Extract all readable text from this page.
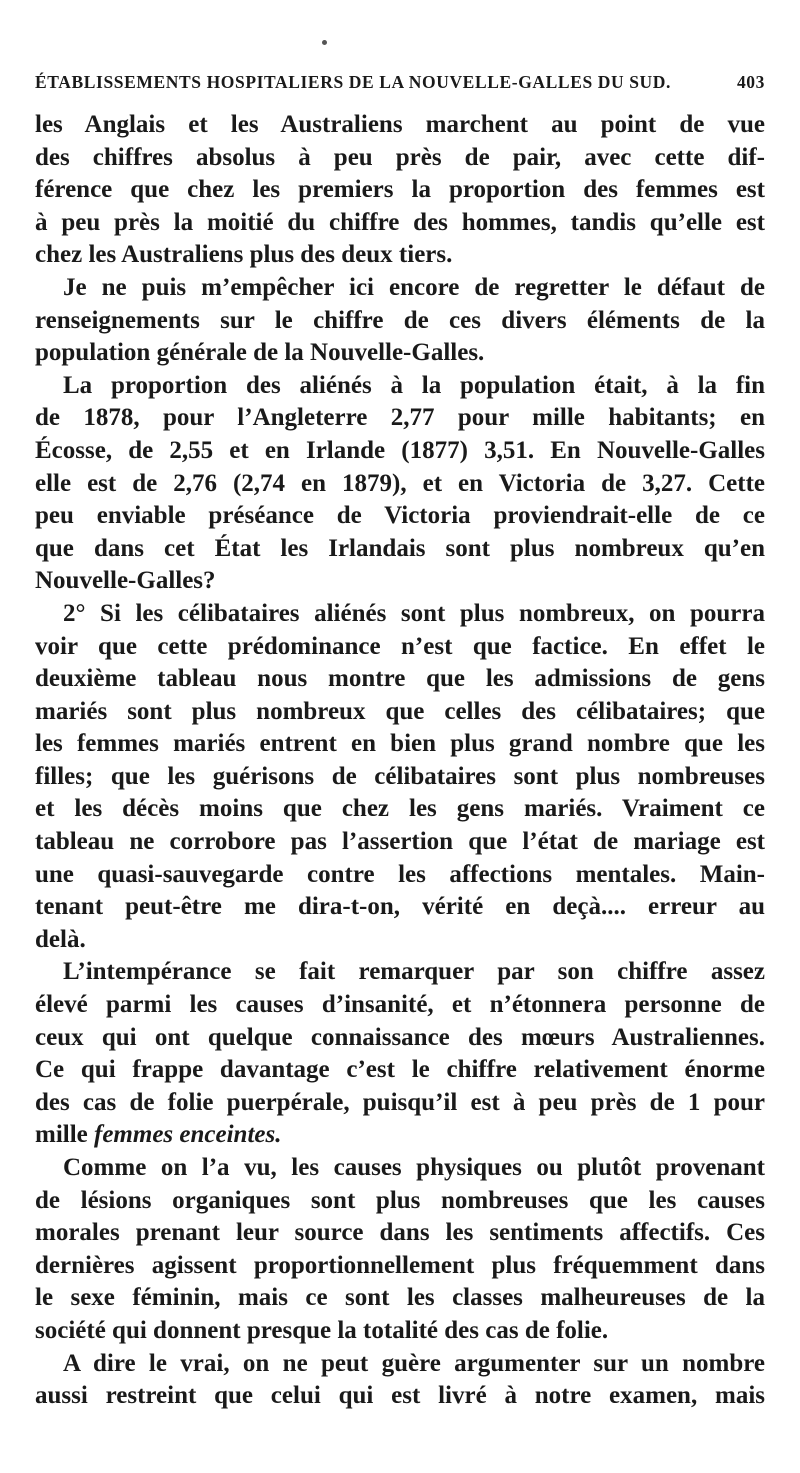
ÉTABLISSEMENTS HOSPITALIERS DE LA NOUVELLE-GALLES DU SUD.	403
les Anglais et les Australiens marchent au point de vue
des chiffres absolus à peu près de pair, avec cette dif-
férence que chez les premiers la proportion des femmes est
à peu près la moitié du chiffre des hommes, tandis qu’elle est
chez les Australiens plus des deux tiers.
Je ne puis m’empêcher ici encore de regretter le défaut de
renseignements sur le chiffre de ces divers éléments de la
population générale de la Nouvelle-Galles.
La proportion des aliénés à la population était, à la fin
de 1878, pour l’Angleterre 2,77 pour mille habitants; en
Écosse, de 2,55 et en Irlande (1877) 3,51. En Nouvelle-Galles
elle est de 2,76 (2,74 en 1879), et en Victoria de 3,27. Cette
peu enviable préséance de Victoria proviendrait-elle de ce
que dans cet État les Irlandais sont plus nombreux qu’en
Nouvelle-Galles?
2° Si les célibataires aliénés sont plus nombreux, on pourra
voir que cette prédominance n’est que factice. En effet le
deuxième tableau nous montre que les admissions de gens
mariés sont plus nombreux que celles des célibataires; que
les femmes mariés entrent en bien plus grand nombre que les
filles; que les guérisons de célibataires sont plus nombreuses
et les décès moins que chez les gens mariés. Vraiment ce
tableau ne corrobore pas l’assertion que l’état de mariage est
une quasi-sauvegarde contre les affections mentales. Main-
tenant peut-être me dira-t-on, vérité en deçà.... erreur au
delà.
L’intempérance se fait remarquer par son chiffre assez
élevé parmi les causes d’insanité, et n’étonnera personne de
ceux qui ont quelque connaissance des mœurs Australiennes.
Ce qui frappe davantage c’est le chiffre relativement énorme
des cas de folie puerpérale, puisqu’il est à peu près de 1 pour
mille femmes enceintes.
Comme on l’a vu, les causes physiques ou plutôt provenant
de lésions organiques sont plus nombreuses que les causes
morales prenant leur source dans les sentiments affectifs. Ces
dernières agissent proportionnellement plus fréquemment dans
le sexe féminin, mais ce sont les classes malheureuses de la
société qui donnent presque la totalité des cas de folie.
A dire le vrai, on ne peut guère argumenter sur un nombre
aussi restreint que celui qui est livré à notre examen, mais
